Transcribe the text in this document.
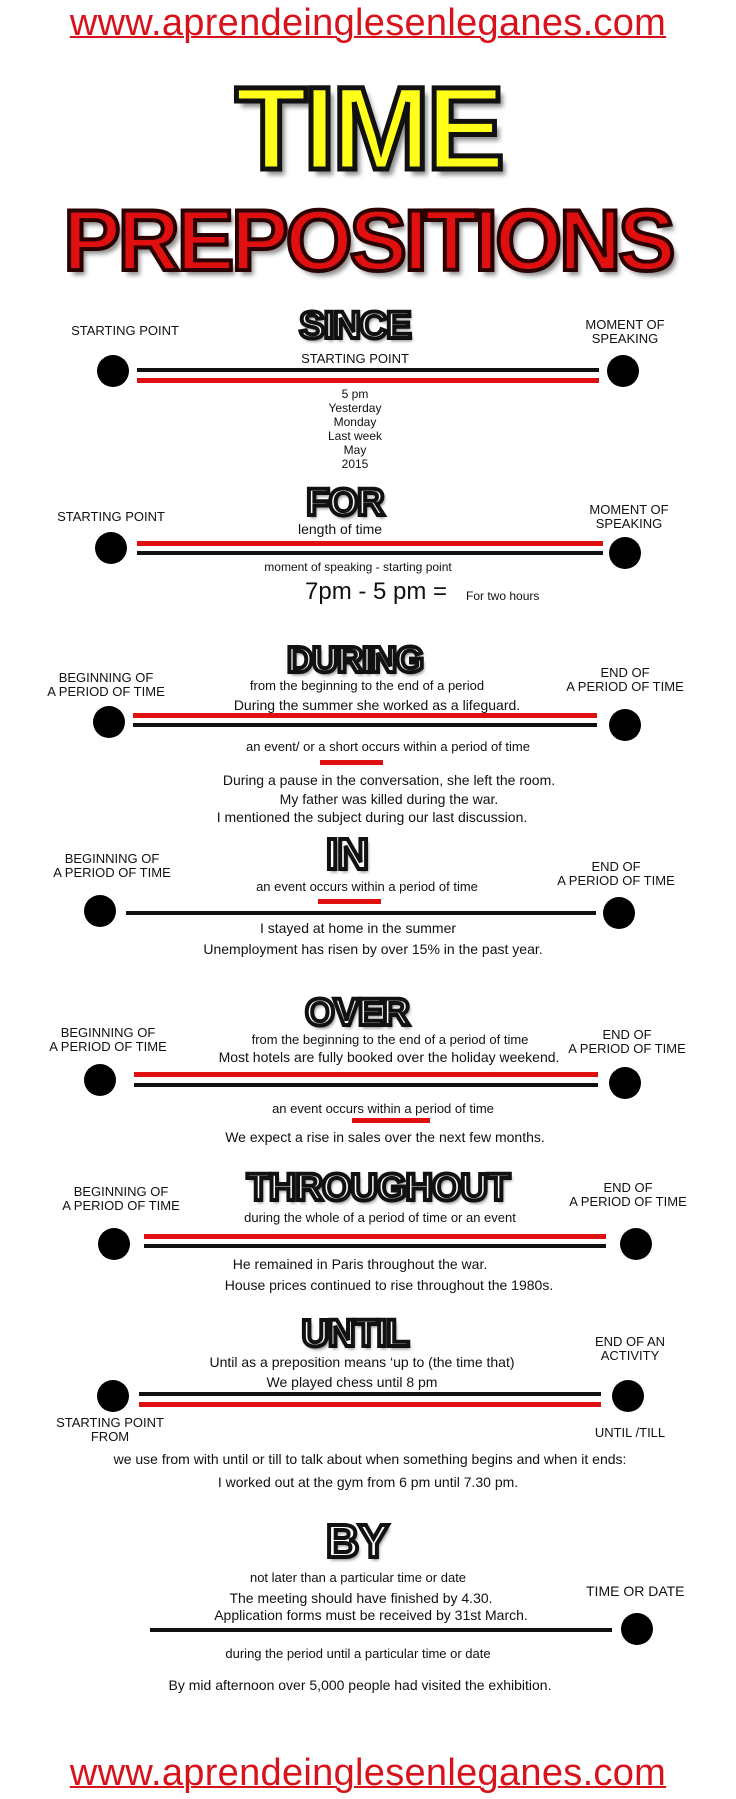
www.aprendeinglesenleganes.com
TIME
PREPOSITIONS
SINCE
STARTING POINT	MOMENT OF
SPEAKING
STARTING POINT
5 pm
Yesterday
Monday
Last week
May
2015
FOR
STARTING POINT	MOMENT OF
SPEAKING
length of time
moment of speaking - starting point
7pm - 5 pm = For two hours
DURING
BEGINNING OF
A PERIOD OF TIME
END OF
A PERIOD OF TIME
from the beginning to the end of a period
During the summer she worked as a lifeguard.
an event/ or a short occurs within a period of time
During a pause in the conversation, she left the room.
My father was killed during the war.
I mentioned the subject during our last discussion.
IN
BEGINNING OF
A PERIOD OF TIME	END OF
A PERIOD OF TIME
an event occurs within a period of time
I stayed at home in the summer
Unemployment has risen by over 15% in the past year.
OVER
BEGINNING OF
A PERIOD OF TIME
END OF
A PERIOD OF TIME
from the beginning to the end of a period of time
Most hotels are fully booked over the holiday weekend.
an event occurs within a period of time
We expect a rise in sales over the next few months.
THROUGHOUT
BEGINNING OF
A PERIOD OF TIME
END OF
A PERIOD OF TIME
during the whole of a period of time or an event
He remained in Paris throughout the war.
House prices continued to rise throughout the 1980s.
UNTIL	END OF AN
ACTIVITY
Until as a preposition means ‘up to (the time that)
We played chess until 8 pm
STARTING POINT
FROM	UNTIL /TILL
we use from with until or till to talk about when something begins and when it ends:
I worked out at the gym from 6 pm until 7.30 pm.
BY
not later than a particular time or date
The meeting should have finished by 4.30.
Application forms must be received by 31st March.
TIME OR DATE
during the period until a particular time or date
By mid afternoon over 5,000 people had visited the exhibition.
www.aprendeinglesenleganes.com
